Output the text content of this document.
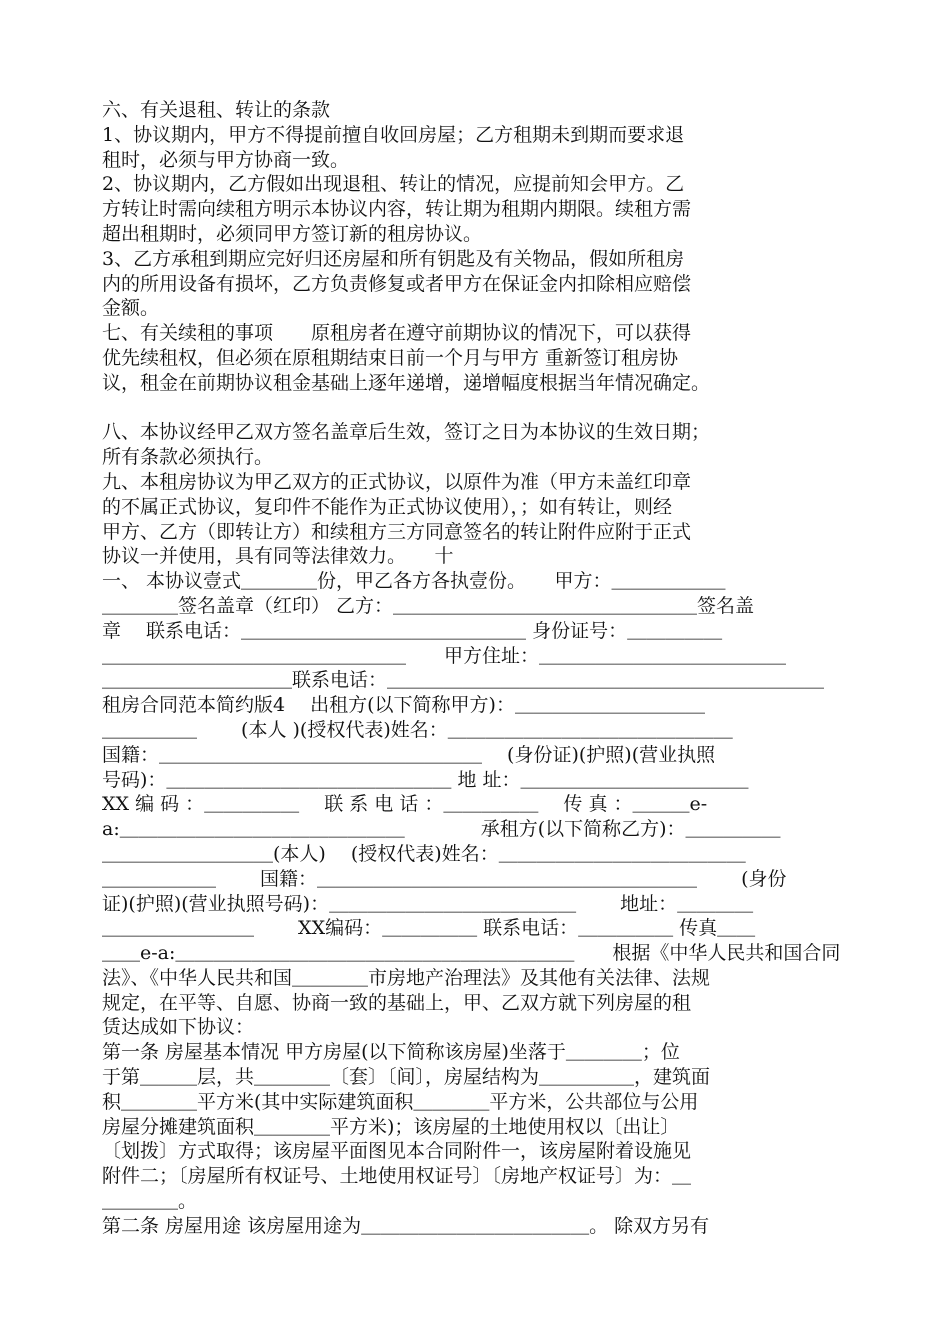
六、有关退租、转让的条款

1、协议期内，甲方不得提前擅自收回房屋；乙方租期未到期而要求退

租时，必须与甲方协商一致。

2、协议期内，乙方假如出现退租、转让的情况，应提前知会甲方。乙

方转让时需向续租方明示本协议内容，转让期为租期内期限。续租方需

超出租期时，必须同甲方签订新的租房协议。

3、乙方承租到期应完好归还房屋和所有钥匙及有关物品，假如所租房

内的所用设备有损坏，乙方负责修复或者甲方在保证金内扣除相应赔偿

金额。

七、有关续租的事项　　原租房者在遵守前期协议的情况下，可以获得

优先续租权，但必须在原租期结束日前一个月与甲方 重新签订租房协

议，租金在前期协议租金基础上逐年递增，递增幅度根据当年情况确定。

八、本协议经甲乙双方签名盖章后生效，签订之日为本协议的生效日期；

所有条款必须执行。

九、本租房协议为甲乙双方的正式协议，以原件为准（甲方未盖红印章

的不属正式协议，复印件不能作为正式协议使用），；如有转让，则经

甲方、乙方（即转让方）和续租方三方同意签名的转让附件应附于正式

协议一并使用，具有同等法律效力。　　十

一、 本协议壹式＿＿＿＿份，甲乙各方各执壹份。　　甲方：＿＿＿＿＿＿

＿＿＿＿签名盖章（红印） 乙方：＿＿＿＿＿＿＿＿＿＿＿＿＿＿＿＿签名盖

章　 联系电话：＿＿＿＿＿＿＿＿＿＿＿＿＿＿＿ 身份证号：＿＿＿＿＿

＿＿＿＿＿＿＿＿＿＿＿＿＿＿＿＿　　甲方住址：＿＿＿＿＿＿＿＿＿＿＿＿＿

＿＿＿＿＿＿＿＿＿＿联系电话：＿＿＿＿＿＿＿＿＿＿＿＿＿＿＿＿＿＿＿＿＿＿＿

租房合同范本简约版4　 出租方(以下简称甲方)：＿＿＿＿＿＿＿＿＿＿

＿＿＿＿＿　　 (本人 )(授权代表)姓名：＿＿＿＿＿＿＿＿＿＿＿＿＿＿＿

国籍：＿＿＿＿＿＿＿＿＿＿＿＿＿＿＿＿＿　 (身份证)(护照)(营业执照

号码)：＿＿＿＿＿＿＿＿＿＿＿＿＿＿＿ 地 址：＿＿＿＿＿＿＿＿＿＿＿＿

XX 编 码 ：＿＿＿＿＿　 联 系 电 话 ：＿＿＿＿＿　 传 真 ：＿＿＿e-

a:＿＿＿＿＿＿＿＿＿＿＿＿＿＿＿　　　　承租方(以下简称乙方)：＿＿＿＿＿

＿＿＿＿＿＿＿＿＿(本人)　 (授权代表)姓名：＿＿＿＿＿＿＿＿＿＿＿＿＿

＿＿＿＿＿＿　　 国籍：＿＿＿＿＿＿＿＿＿＿＿＿＿＿＿＿＿＿＿＿　　 (身份

证)(护照)(营业执照号码)：＿＿＿＿＿＿＿＿＿＿＿＿＿　　 地址：＿＿＿＿

＿＿＿＿＿＿＿＿　　 XX编码：＿＿＿＿＿ 联系电话：＿＿＿＿＿ 传真＿＿

＿＿e-a:＿＿＿＿＿＿＿＿＿＿＿＿＿＿＿＿＿＿＿＿＿　　根据《中华人民共和国合同

法》、《中华人民共和国＿＿＿＿市房地产治理法》及其他有关法律、法规

规定，在平等、自愿、协商一致的基础上，甲、乙双方就下列房屋的租

赁达成如下协议：

第一条 房屋基本情况 甲方房屋(以下简称该房屋)坐落于＿＿＿＿；位

于第＿＿＿层，共＿＿＿＿〔套〕〔间〕，房屋结构为＿＿＿＿＿，建筑面

积＿＿＿＿平方米(其中实际建筑面积＿＿＿＿平方米，公共部位与公用

房屋分摊建筑面积＿＿＿＿平方米)；该房屋的土地使用权以〔出让〕

〔划拨〕方式取得；该房屋平面图见本合同附件一，该房屋附着设施见

附件二；〔房屋所有权证号、土地使用权证号〕〔房地产权证号〕为：＿

＿＿＿＿。

第二条 房屋用途 该房屋用途为＿＿＿＿＿＿＿＿＿＿＿＿。 除双方另有
